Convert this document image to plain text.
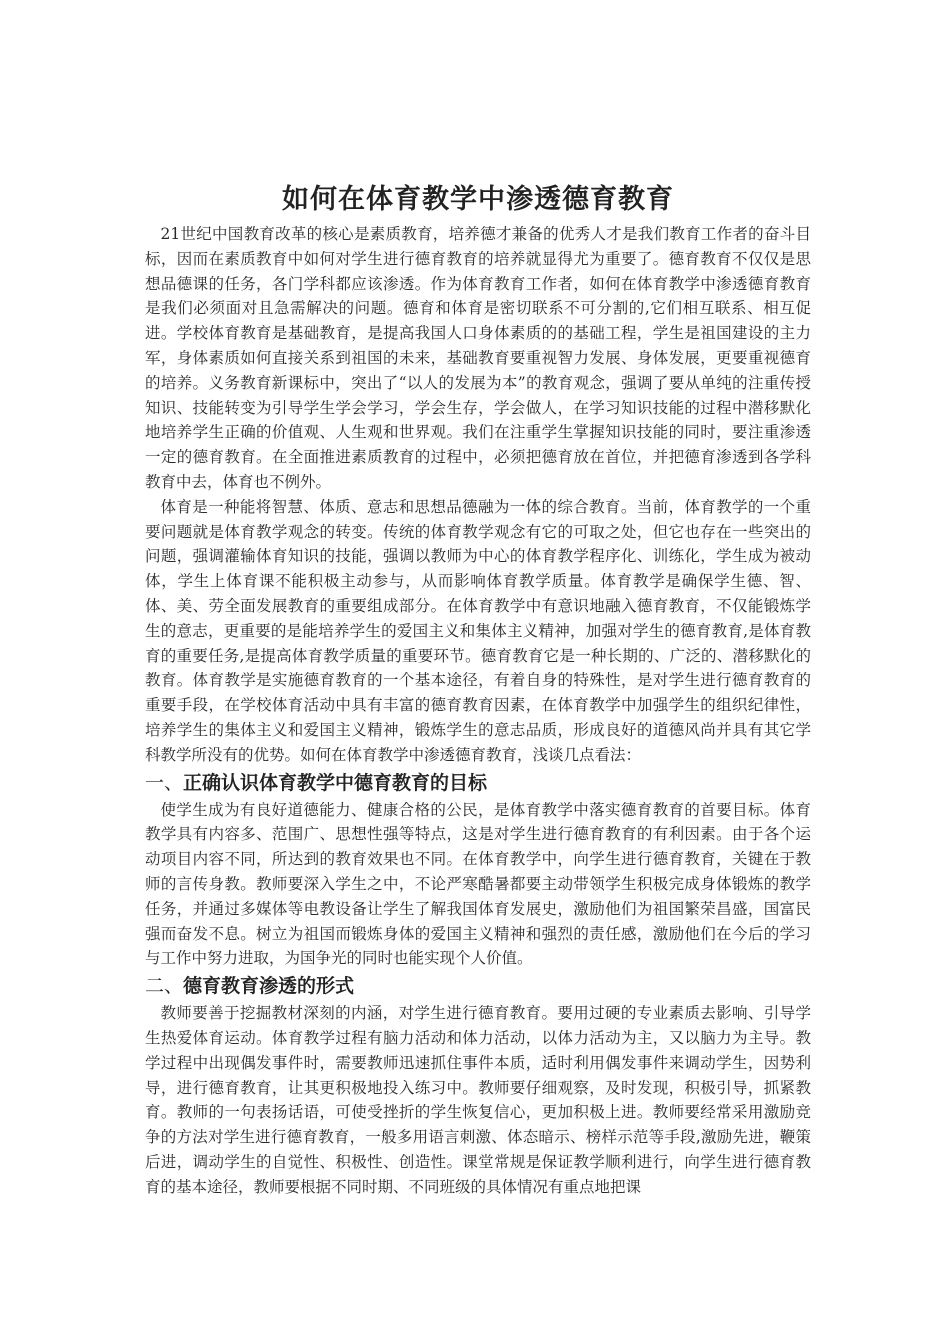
如何在体育教学中渗透德育教育

21世纪中国教育改革的核心是素质教育，培养德才兼备的优秀人才是我们教育工作者的奋斗目标，因而在素质教育中如何对学生进行德育教育的培养就显得尤为重要了。德育教育不仅仅是思想品德课的任务，各门学科都应该渗透。作为体育教育工作者，如何在体育教学中渗透德育教育是我们必须面对且急需解决的问题。德育和体育是密切联系不可分割的,它们相互联系、相互促进。学校体育教育是基础教育，是提高我国人口身体素质的的基础工程，学生是祖国建设的主力军，身体素质如何直接关系到祖国的未来，基础教育要重视智力发展、身体发展，更要重视德育的培养。义务教育新课标中，突出了“以人的发展为本”的教育观念，强调了要从单纯的注重传授知识、技能转变为引导学生学会学习，学会生存，学会做人，在学习知识技能的过程中潜移默化地培养学生正确的价值观、人生观和世界观。我们在注重学生掌握知识技能的同时，要注重渗透一定的德育教育。在全面推进素质教育的过程中，必须把德育放在首位，并把德育渗透到各学科教育中去，体育也不例外。

体育是一种能将智慧、体质、意志和思想品德融为一体的综合教育。当前，体育教学的一个重要问题就是体育教学观念的转变。传统的体育教学观念有它的可取之处，但它也存在一些突出的问题，强调灌输体育知识的技能，强调以教师为中心的体育教学程序化、训练化，学生成为被动体，学生上体育课不能积极主动参与，从而影响体育教学质量。体育教学是确保学生德、智、体、美、劳全面发展教育的重要组成部分。在体育教学中有意识地融入德育教育，不仅能锻炼学生的意志，更重要的是能培养学生的爱国主义和集体主义精神，加强对学生的德育教育,是体育教育的重要任务,是提高体育教学质量的重要环节。德育教育它是一种长期的、广泛的、潜移默化的教育。体育教学是实施德育教育的一个基本途径，有着自身的特殊性，是对学生进行德育教育的重要手段，在学校体育活动中具有丰富的德育教育因素，在体育教学中加强学生的组织纪律性，培养学生的集体主义和爱国主义精神，锻炼学生的意志品质，形成良好的道德风尚并具有其它学科教学所没有的优势。如何在体育教学中渗透德育教育，浅谈几点看法：

一、正确认识体育教学中德育教育的目标

使学生成为有良好道德能力、健康合格的公民，是体育教学中落实德育教育的首要目标。体育教学具有内容多、范围广、思想性强等特点，这是对学生进行德育教育的有利因素。由于各个运动项目内容不同，所达到的教育效果也不同。在体育教学中，向学生进行德育教育，关键在于教师的言传身教。教师要深入学生之中，不论严寒酷暑都要主动带领学生积极完成身体锻炼的教学任务，并通过多媒体等电教设备让学生了解我国体育发展史，激励他们为祖国繁荣昌盛，国富民强而奋发不息。树立为祖国而锻炼身体的爱国主义精神和强烈的责任感，激励他们在今后的学习与工作中努力进取，为国争光的同时也能实现个人价值。

二、德育教育渗透的形式

教师要善于挖掘教材深刻的内涵，对学生进行德育教育。要用过硬的专业素质去影响、引导学生热爱体育运动。体育教学过程有脑力活动和体力活动，以体力活动为主，又以脑力为主导。教学过程中出现偶发事件时，需要教师迅速抓住事件本质，适时利用偶发事件来调动学生，因势利导，进行德育教育，让其更积极地投入练习中。教师要仔细观察，及时发现，积极引导，抓紧教育。教师的一句表扬话语，可使受挫折的学生恢复信心，更加积极上进。教师要经常采用激励竞争的方法对学生进行德育教育，一般多用语言刺激、体态暗示、榜样示范等手段,激励先进，鞭策后进，调动学生的自觉性、积极性、创造性。课堂常规是保证教学顺利进行，向学生进行德育教育的基本途径，教师要根据不同时期、不同班级的具体情况有重点地把课
